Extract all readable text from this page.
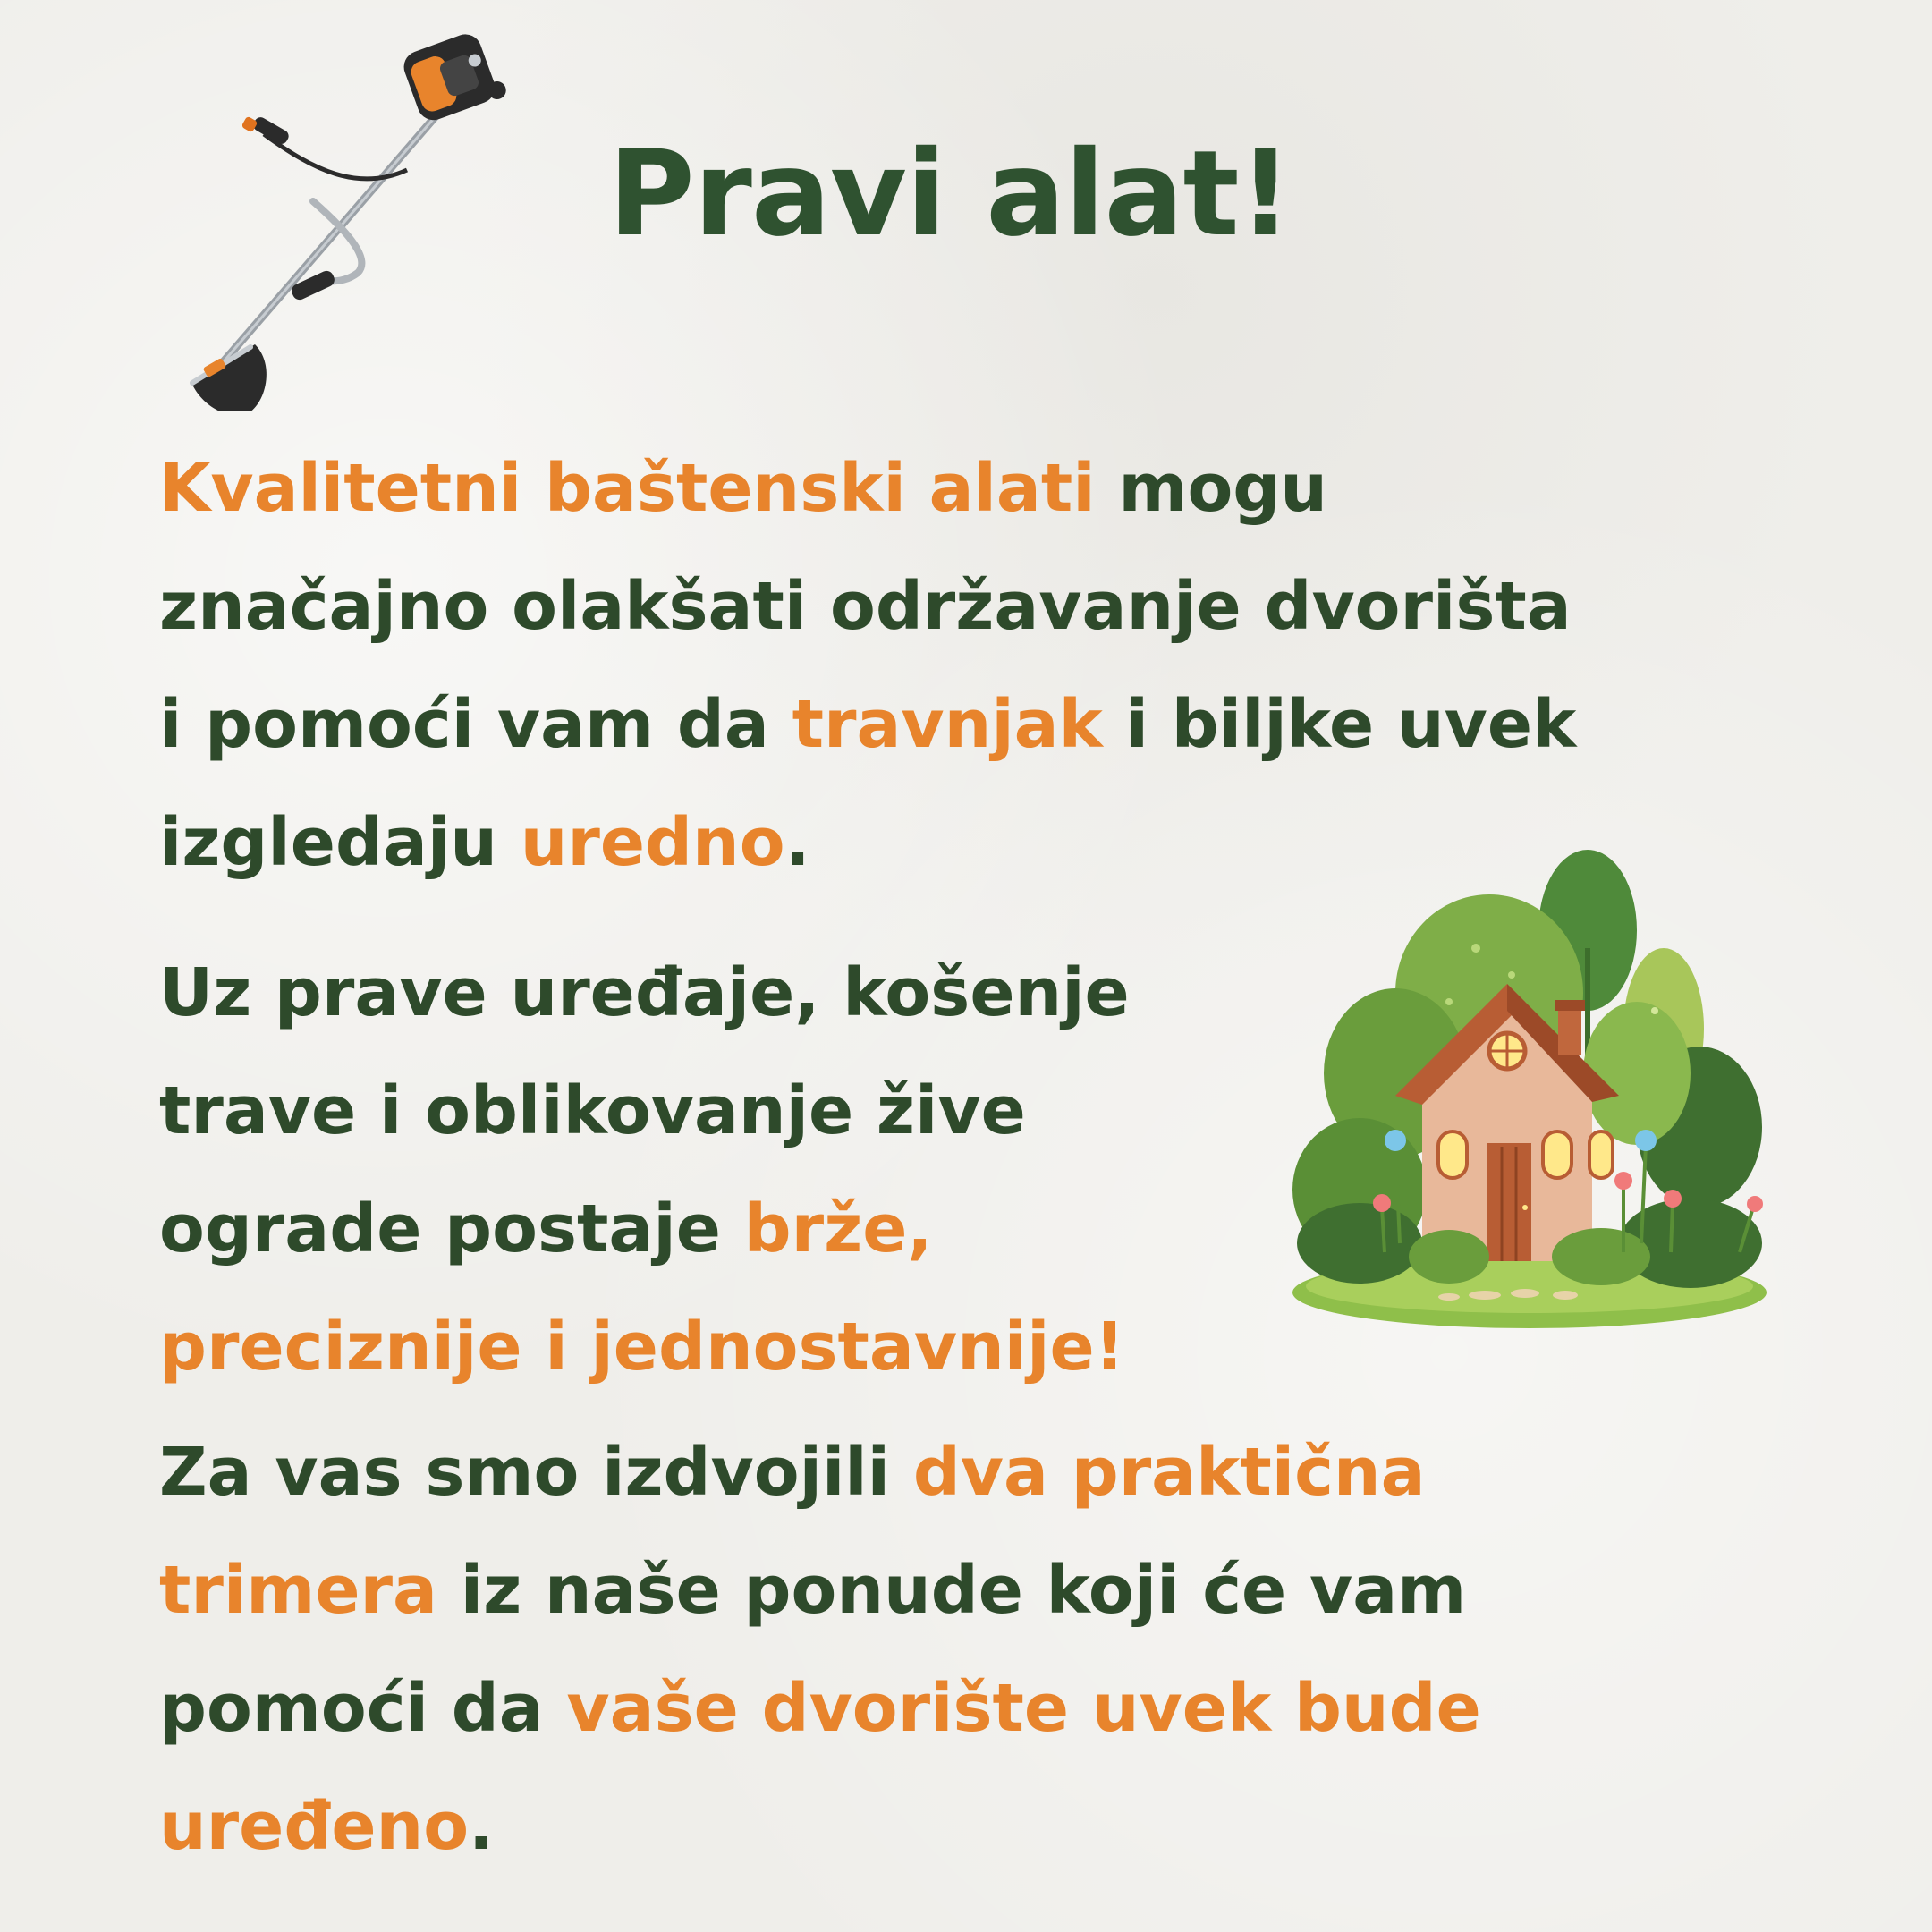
Pravi alat!

Kvalitetni baštenski alati mogu
značajno olakšati održavanje dvorišta
i pomoći vam da travnjak i biljke uvek
izgledaju uredno.

Uz prave uređaje, košenje
trave i oblikovanje žive
ograde postaje brže,
preciznije i jednostavnije!

Za vas smo izdvojili dva praktična
trimera iz naše ponude koji će vam
pomoći da vaše dvorište uvek bude
uređeno.
